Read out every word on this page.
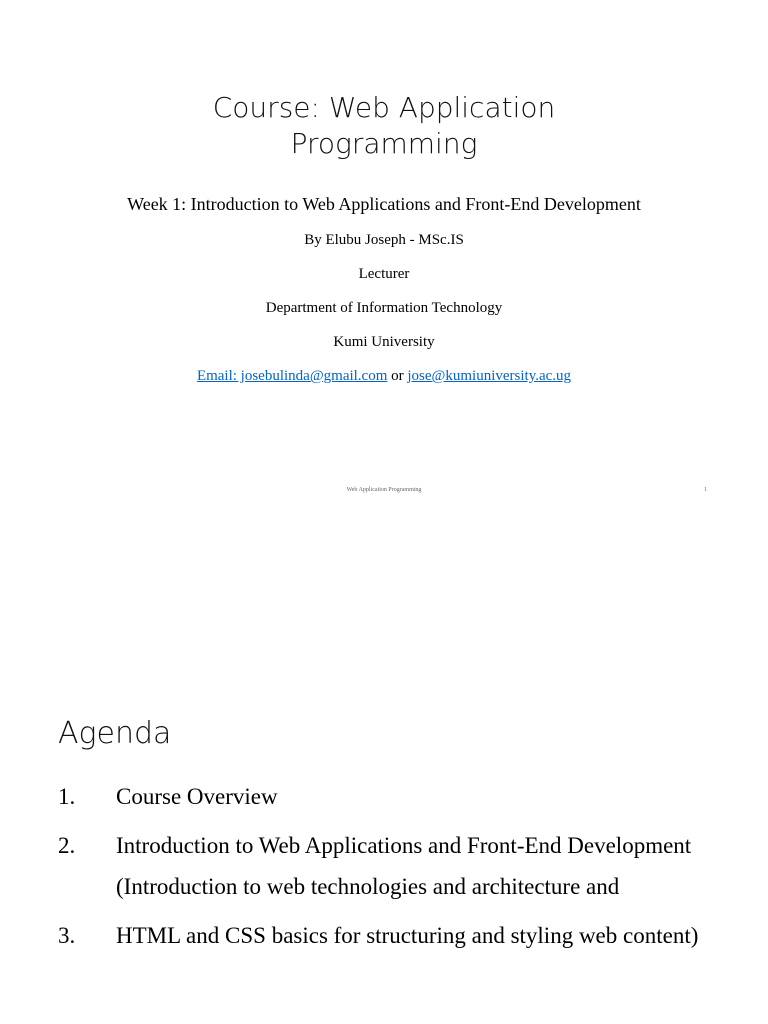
Course: Web Application
Programming
Week 1: Introduction to Web Applications and Front-End Development
By Elubu Joseph - MSc.IS
Lecturer
Department of Information Technology
Kumi University
Email: josebulinda@gmail.com or jose@kumiuniversity.ac.ug
Web Application Programming	1
Agenda
1.	Course Overview
2.	Introduction to Web Applications and Front-End Development (Introduction to web technologies and architecture and
3.	HTML and CSS basics for structuring and styling web content)
